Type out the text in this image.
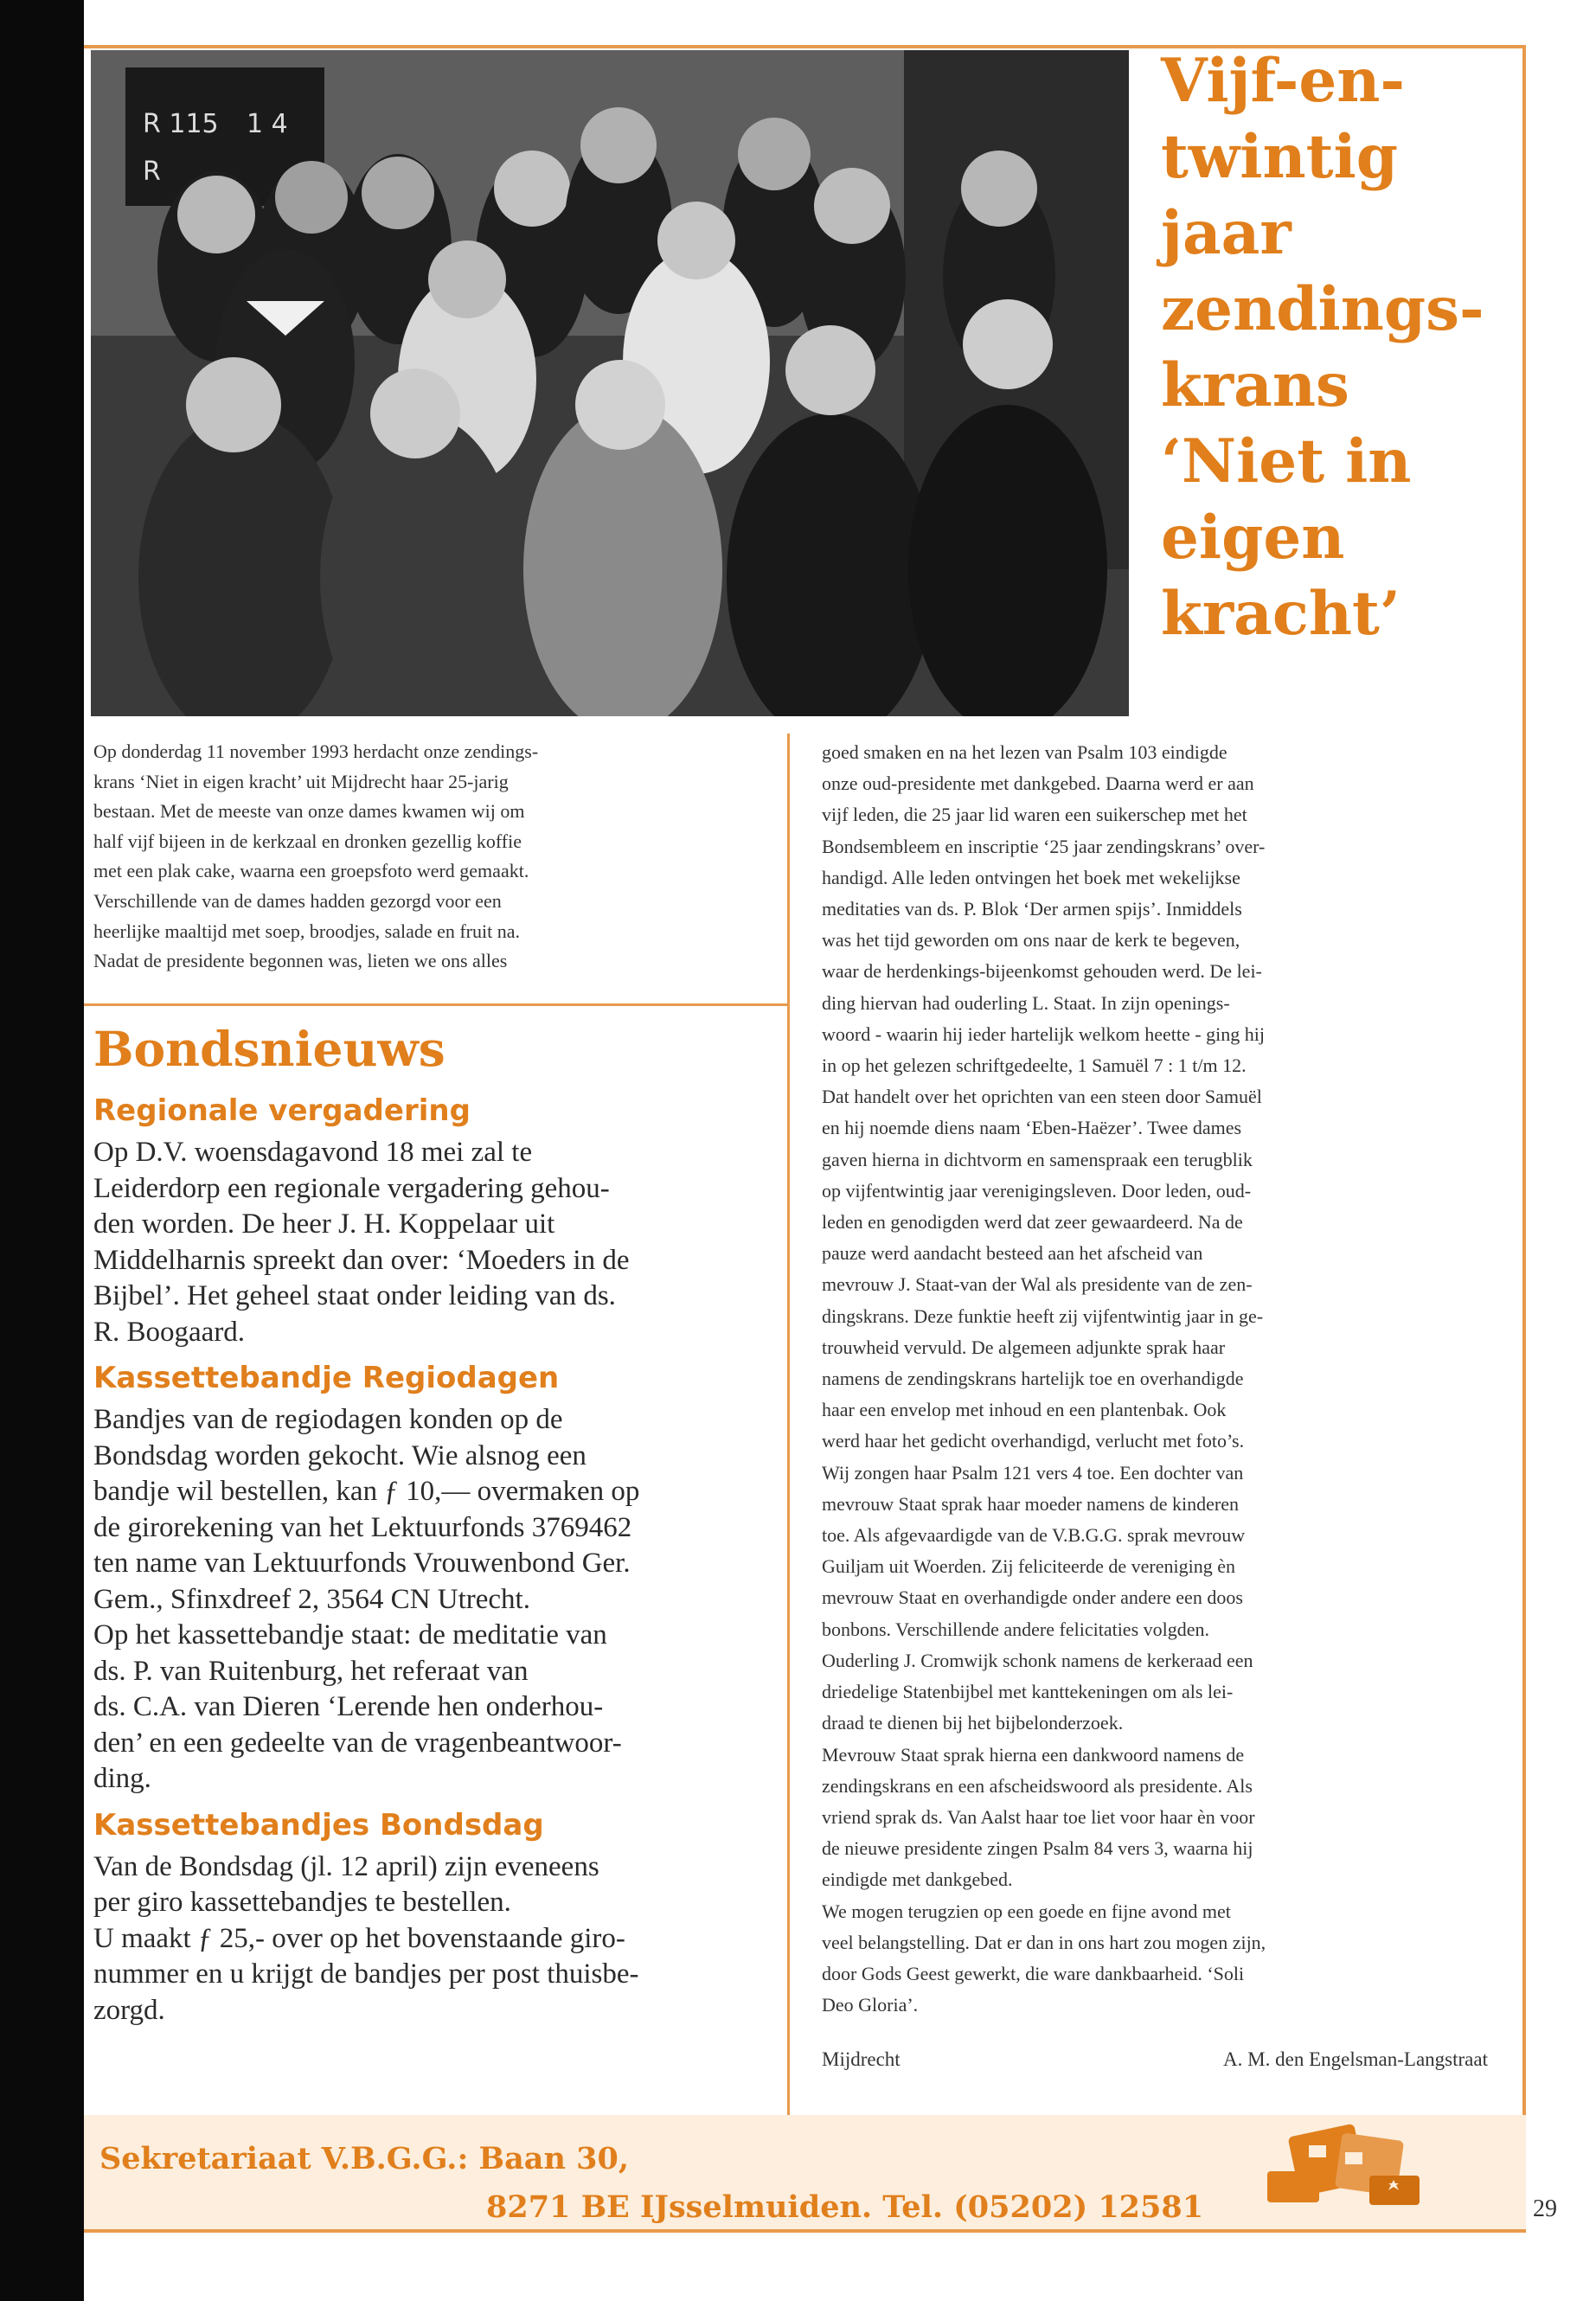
R 115 1 4
R
Vijf-en-
twintig
jaar
zendings-
krans
‘Niet in
eigen
kracht’

Op donderdag 11 november 1993 herdacht onze zendings-

krans ‘Niet in eigen kracht’ uit Mijdrecht haar 25-jarig

bestaan. Met de meeste van onze dames kwamen wij om

half vijf bijeen in de kerkzaal en dronken gezellig koffie

met een plak cake, waarna een groepsfoto werd gemaakt.

Verschillende van de dames hadden gezorgd voor een

heerlijke maaltijd met soep, broodjes, salade en fruit na.

Nadat de presidente begonnen was, lieten we ons alles

Bondsnieuws
Regionale vergadering

Op D.V. woensdagavond 18 mei zal te

Leiderdorp een regionale vergadering gehou-

den worden. De heer J. H. Koppelaar uit

Middelharnis spreekt dan over: ‘Moeders in de

Bijbel’. Het geheel staat onder leiding van ds.

R. Boogaard.

Kassettebandje Regiodagen

Bandjes van de regiodagen konden op de

Bondsdag worden gekocht. Wie alsnog een

bandje wil bestellen, kan ƒ 10,— overmaken op

de girorekening van het Lektuurfonds 3769462

ten name van Lektuurfonds Vrouwenbond Ger.

Gem., Sfinxdreef 2, 3564 CN Utrecht.

Op het kassettebandje staat: de meditatie van

ds. P. van Ruitenburg, het referaat van

ds. C.A. van Dieren ‘Lerende hen onderhou-

den’ en een gedeelte van de vragenbeantwoor-

ding.

Kassettebandjes Bondsdag

Van de Bondsdag (jl. 12 april) zijn eveneens

per giro kassettebandjes te bestellen.

U maakt ƒ 25,- over op het bovenstaande giro-

nummer en u krijgt de bandjes per post thuisbe-

zorgd.

goed smaken en na het lezen van Psalm 103 eindigde

onze oud-presidente met dankgebed. Daarna werd er aan

vijf leden, die 25 jaar lid waren een suikerschep met het

Bondsembleem en inscriptie ‘25 jaar zendingskrans’ over-

handigd. Alle leden ontvingen het boek met wekelijkse

meditaties van ds. P. Blok ‘Der armen spijs’. Inmiddels

was het tijd geworden om ons naar de kerk te begeven,

waar de herdenkings-bijeenkomst gehouden werd. De lei-

ding hiervan had ouderling L. Staat. In zijn openings-

woord - waarin hij ieder hartelijk welkom heette - ging hij

in op het gelezen schriftgedeelte, 1 Samuël 7 : 1 t/m 12.

Dat handelt over het oprichten van een steen door Samuël

en hij noemde diens naam ‘Eben-Haëzer’. Twee dames

gaven hierna in dichtvorm en samenspraak een terugblik

op vijfentwintig jaar verenigingsleven. Door leden, oud-

leden en genodigden werd dat zeer gewaardeerd. Na de

pauze werd aandacht besteed aan het afscheid van

mevrouw J. Staat-van der Wal als presidente van de zen-

dingskrans. Deze funktie heeft zij vijfentwintig jaar in ge-

trouwheid vervuld. De algemeen adjunkte sprak haar

namens de zendingskrans hartelijk toe en overhandigde

haar een envelop met inhoud en een plantenbak. Ook

werd haar het gedicht overhandigd, verlucht met foto’s.

Wij zongen haar Psalm 121 vers 4 toe. Een dochter van

mevrouw Staat sprak haar moeder namens de kinderen

toe. Als afgevaardigde van de V.B.G.G. sprak mevrouw

Guiljam uit Woerden. Zij feliciteerde de vereniging èn

mevrouw Staat en overhandigde onder andere een doos

bonbons. Verschillende andere felicitaties volgden.

Ouderling J. Cromwijk schonk namens de kerkeraad een

driedelige Statenbijbel met kanttekeningen om als lei-

draad te dienen bij het bijbelonderzoek.

Mevrouw Staat sprak hierna een dankwoord namens de

zendingskrans en een afscheidswoord als presidente. Als

vriend sprak ds. Van Aalst haar toe liet voor haar èn voor

de nieuwe presidente zingen Psalm 84 vers 3, waarna hij

eindigde met dankgebed.

We mogen terugzien op een goede en fijne avond met

veel belangstelling. Dat er dan in ons hart zou mogen zijn,

door Gods Geest gewerkt, die ware dankbaarheid. ‘Soli

Deo Gloria’.

Mijdrecht	A. M. den Engelsman-Langstraat
Sekretariaat V.B.G.G.: Baan 30,
8271 BE IJsselmuiden. Tel. (05202) 12581	29
